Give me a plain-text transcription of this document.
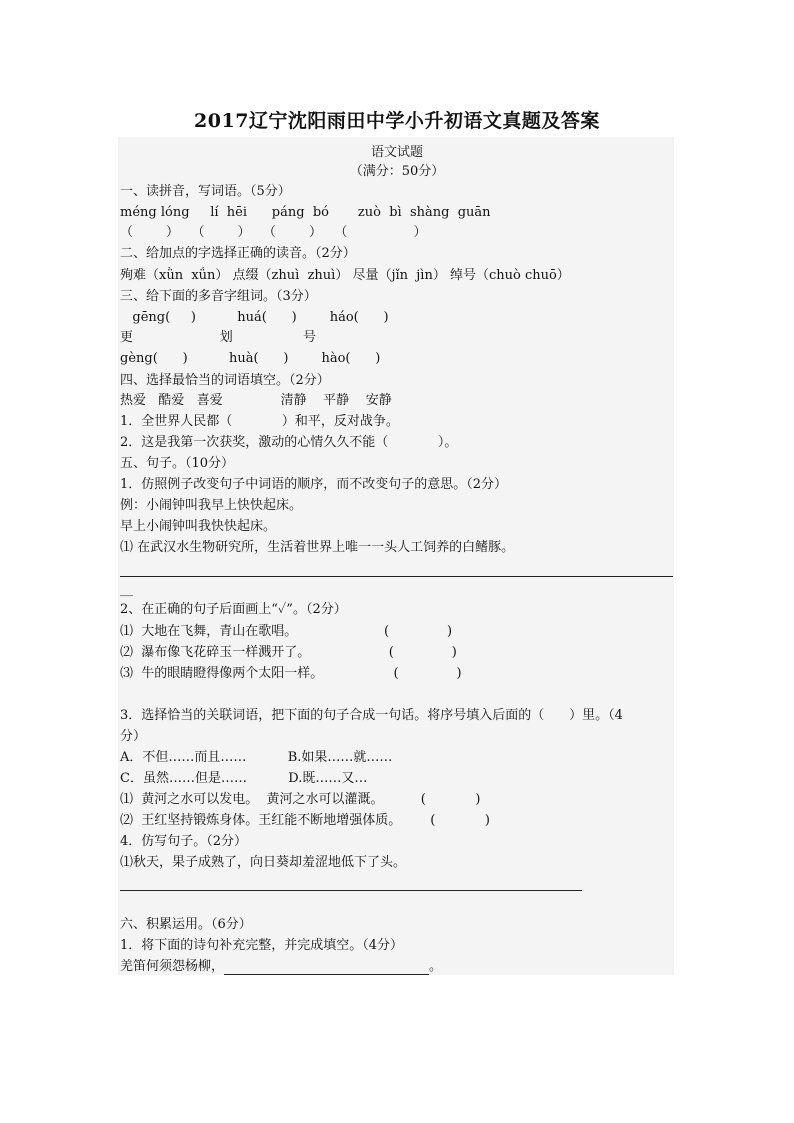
2017辽宁沈阳雨田中学小升初语文真题及答案
语文试题
（满分：50分）
一、读拼音，写词语。（5分）
méng lóng     lí  hēi      páng  bó       zuò  bì  shàng  guān
（        ）   （        ）   （        ）   （                ）
二、给加点的字选择正确的读音。（2分）
殉难（xǜn  xǘn） 点缀（zhuì  zhuì） 尽量（jǐn  jìn） 绰号（chuò chuō）
三、给下面的多音字组词。（3分）
gēng(     )          huá(      )        háo(      )
更                     划                 号
gèng(      )          huà(      )        hào(      )
四、选择最恰当的词语填空。（2分）
热爱   酷爱   喜爱              清静    平静    安静
1．全世界人民都（            ）和平，反对战争。
2．这是我第一次获奖，激动的心情久久不能（            ）。
五、句子。（10分）
1．仿照例子改变句子中词语的顺序，而不改变句子的意思。（2分）
例：小闹钟叫我早上快快起床。
早上小闹钟叫我快快起床。
⑴ 在武汉水生物研究所，生活着世界上唯一一头人工饲养的白鳍豚。
__
2、在正确的句子后面画上“✓”。（2分）
⑴  大地在飞舞，青山在歌唱。                     (              )
⑵  瀑布像飞花碎玉一样溅开了。                   (              )
⑶  牛的眼睛瞪得像两个太阳一样。                 (              )
3．选择恰当的关联词语，把下面的句子合成一句话。将序号填入后面的（      ）里。（4
分）
A．不但……而且……          B.如果……就……
C．虽然……但是……          D.既……又…
⑴  黄河之水可以发电。  黄河之水可以灌溉。         (            )
⑵  王红坚持锻炼身体。王红能不断地增强体质。       (            )
4．仿写句子。（2分）
⑴秋天，果子成熟了，向日葵却羞涩地低下了头。
六、积累运用。（6分）
1．将下面的诗句补充完整，并完成填空。（4分）
羌笛何须怨杨柳，	。
